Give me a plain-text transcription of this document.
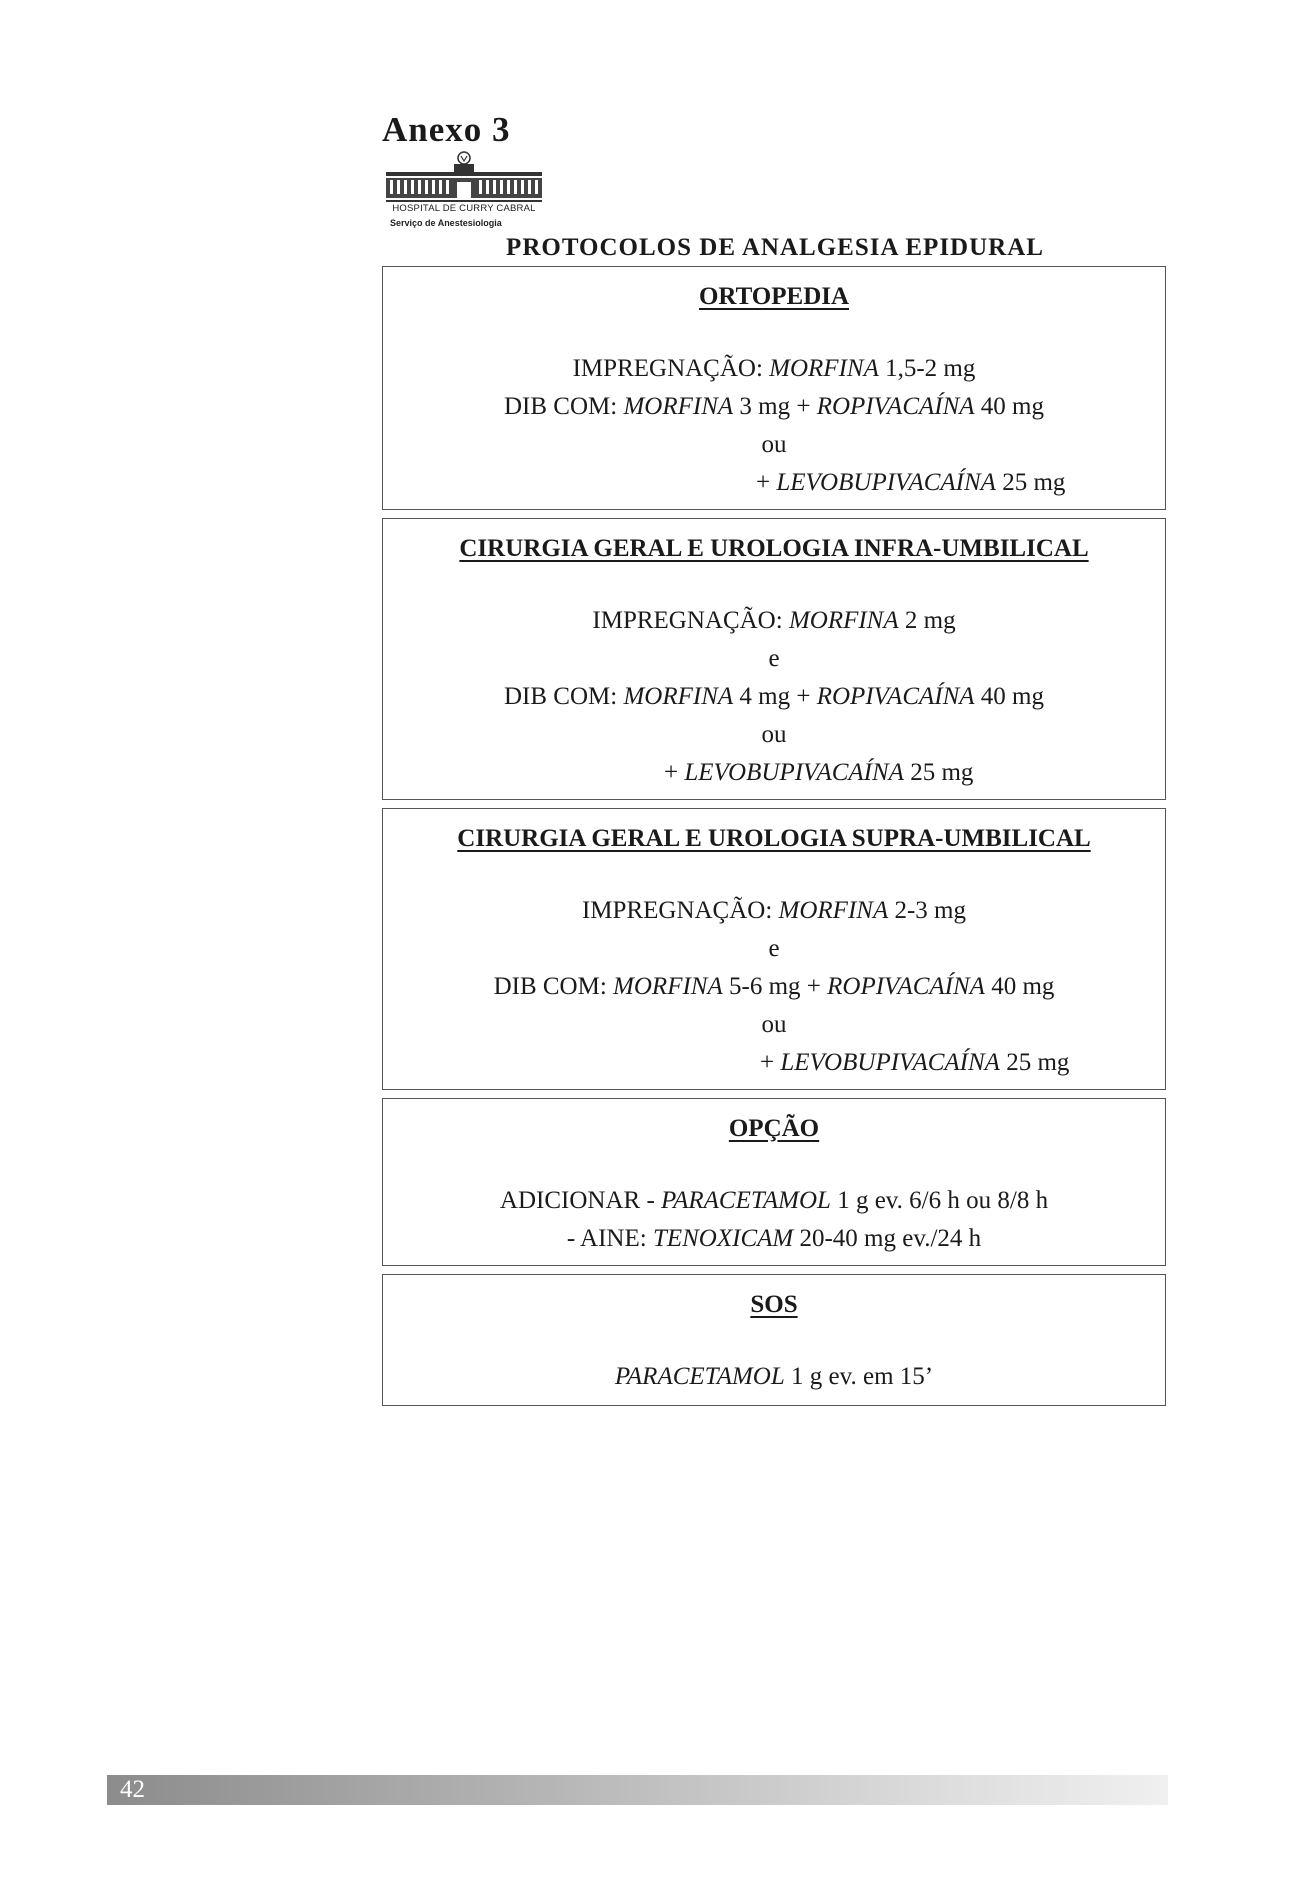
Anexo 3
HOSPITAL DE CURRY CABRAL
Serviço de Anestesiologia
PROTOCOLOS DE ANALGESIA EPIDURAL
ORTOPEDIA
IMPREGNAÇÃO: MORFINA 1,5-2 mg
DIB COM: MORFINA 3 mg + ROPIVACAÍNA 40 mg
ou
+ LEVOBUPIVACAÍNA 25 mg
CIRURGIA GERAL E UROLOGIA INFRA-UMBILICAL
IMPREGNAÇÃO: MORFINA 2 mg
e
DIB COM: MORFINA 4 mg + ROPIVACAÍNA 40 mg
ou
+ LEVOBUPIVACAÍNA 25 mg
CIRURGIA GERAL E UROLOGIA SUPRA-UMBILICAL
IMPREGNAÇÃO: MORFINA 2-3 mg
e
DIB COM: MORFINA 5-6 mg + ROPIVACAÍNA 40 mg
ou
+ LEVOBUPIVACAÍNA 25 mg
OPÇÃO
ADICIONAR - PARACETAMOL 1 g ev. 6/6 h ou 8/8 h
- AINE: TENOXICAM 20-40 mg ev./24 h
SOS
PARACETAMOL 1 g ev. em 15’
42
